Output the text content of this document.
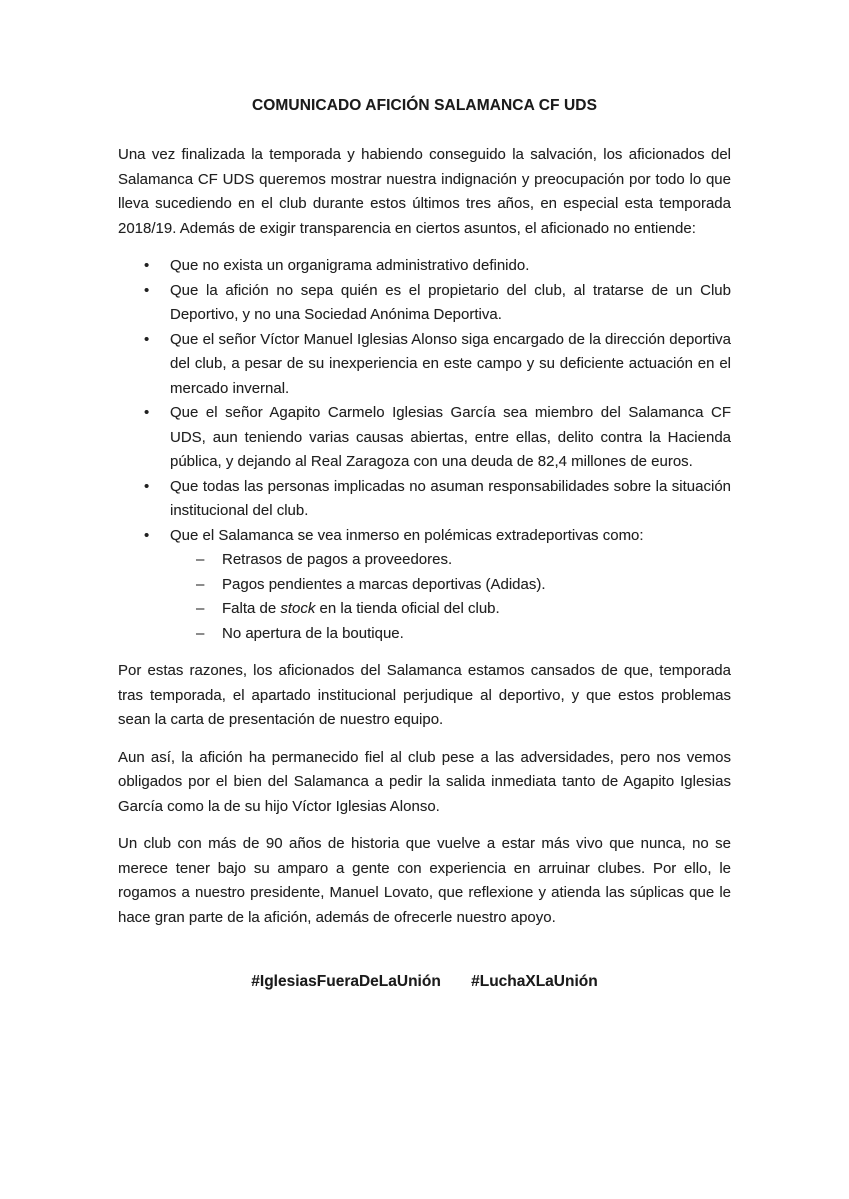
COMUNICADO AFICIÓN SALAMANCA CF UDS

Una vez finalizada la temporada y habiendo conseguido la salvación, los aficionados del Salamanca CF UDS queremos mostrar nuestra indignación y preocupación por todo lo que lleva sucediendo en el club durante estos últimos tres años, en especial esta temporada 2018/19. Además de exigir transparencia en ciertos asuntos, el aficionado no entiende:

• Que no exista un organigrama administrativo definido.
• Que la afición no sepa quién es el propietario del club, al tratarse de un Club Deportivo, y no una Sociedad Anónima Deportiva.
• Que el señor Víctor Manuel Iglesias Alonso siga encargado de la dirección deportiva del club, a pesar de su inexperiencia en este campo y su deficiente actuación en el mercado invernal.
• Que el señor Agapito Carmelo Iglesias García sea miembro del Salamanca CF UDS, aun teniendo varias causas abiertas, entre ellas, delito contra la Hacienda pública, y dejando al Real Zaragoza con una deuda de 82,4 millones de euros.
• Que todas las personas implicadas no asuman responsabilidades sobre la situación institucional del club.
• Que el Salamanca se vea inmerso en polémicas extradeportivas como:
– Retrasos de pagos a proveedores.
– Pagos pendientes a marcas deportivas (Adidas).
– Falta de stock en la tienda oficial del club.
– No apertura de la boutique.

Por estas razones, los aficionados del Salamanca estamos cansados de que, temporada tras temporada, el apartado institucional perjudique al deportivo, y que estos problemas sean la carta de presentación de nuestro equipo.

Aun así, la afición ha permanecido fiel al club pese a las adversidades, pero nos vemos obligados por el bien del Salamanca a pedir la salida inmediata tanto de Agapito Iglesias García como la de su hijo Víctor Iglesias Alonso.

Un club con más de 90 años de historia que vuelve a estar más vivo que nunca, no se merece tener bajo su amparo a gente con experiencia en arruinar clubes. Por ello, le rogamos a nuestro presidente, Manuel Lovato, que reflexione y atienda las súplicas que le hace gran parte de la afición, además de ofrecerle nuestro apoyo.

#IglesiasFueraDeLaUnión #LuchaXLaUnión
